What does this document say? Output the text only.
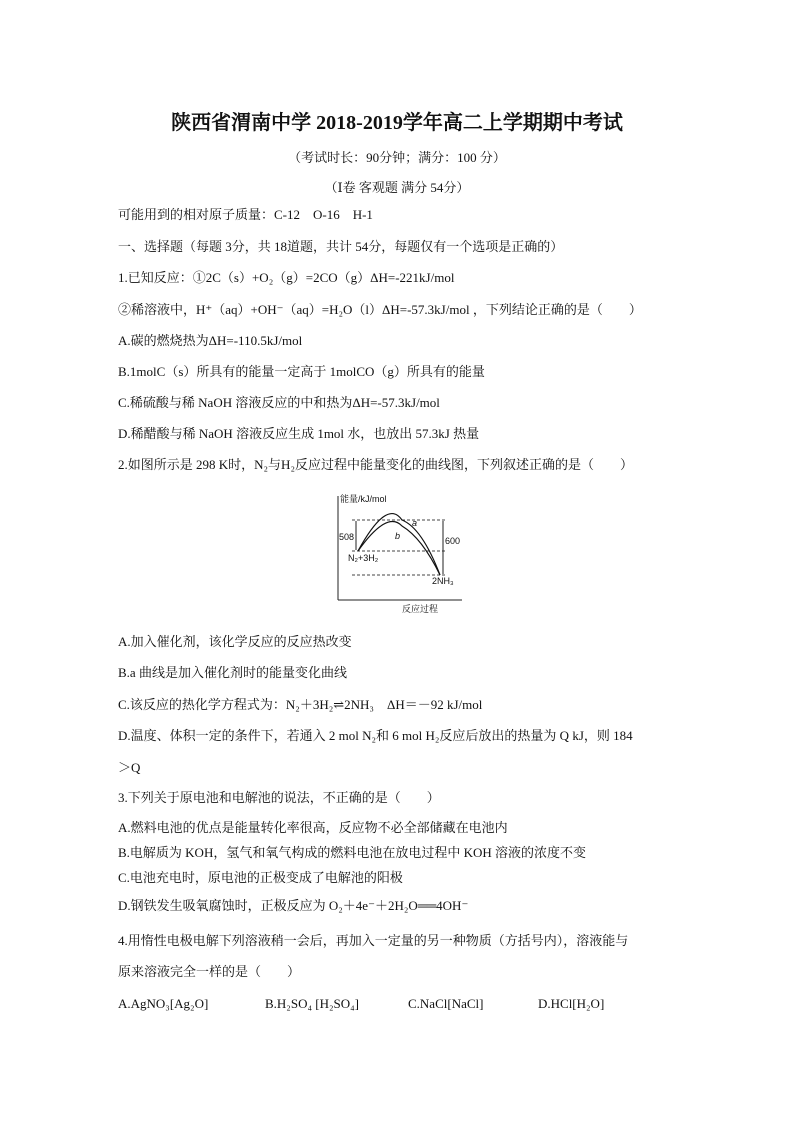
陕西省渭南中学 2018-2019学年高二上学期期中考试
（考试时长：90分钟；满分：100 分）
（Ⅰ卷 客观题 满分 54分）
可能用到的相对原子质量：C-12　O-16　H-1
一、选择题（每题 3分，共 18道题，共计 54分，每题仅有一个选项是正确的）
1.已知反应：①2C（s）+O₂（g）=2CO（g）ΔH=-221kJ/mol
②稀溶液中，H⁺（aq）+OH⁻（aq）=H₂O（l）ΔH=-57.3kJ/mol ，下列结论正确的是（　　）
A.碳的燃烧热为ΔH=-110.5kJ/mol
B.1molC（s）所具有的能量一定高于 1molCO（g）所具有的能量
C.稀硫酸与稀 NaOH 溶液反应的中和热为ΔH=-57.3kJ/mol
D.稀醋酸与稀 NaOH 溶液反应生成 1mol 水，也放出 57.3kJ 热量
2.如图所示是 298 K时，N₂与H₂反应过程中能量变化的曲线图，下列叙述正确的是（　　）
能量/kJ/mol
508	600
a
b
N₂+3H₂
2NH₃
反应过程
A.加入催化剂，该化学反应的反应热改变
B.a 曲线是加入催化剂时的能量变化曲线
C.该反应的热化学方程式为：N₂＋3H₂⇌2NH₃　ΔH＝－92 kJ/mol
D.温度、体积一定的条件下，若通入 2 mol N₂和 6 mol H₂反应后放出的热量为 Q kJ，则 184
＞Q
3.下列关于原电池和电解池的说法，不正确的是（　　）
A.燃料电池的优点是能量转化率很高，反应物不必全部储藏在电池内
B.电解质为 KOH，氢气和氧气构成的燃料电池在放电过程中 KOH 溶液的浓度不变
C.电池充电时，原电池的正极变成了电解池的阳极
D.钢铁发生吸氧腐蚀时，正极反应为 O₂＋4e⁻＋2H₂O══4OH⁻
4.用惰性电极电解下列溶液稍一会后，再加入一定量的另一种物质（方括号内），溶液能与
原来溶液完全一样的是（　　）
A.AgNO₃[Ag₂O]	B.H₂SO₄ [H₂SO₄]	C.NaCl[NaCl]	D.HCl[H₂O]
